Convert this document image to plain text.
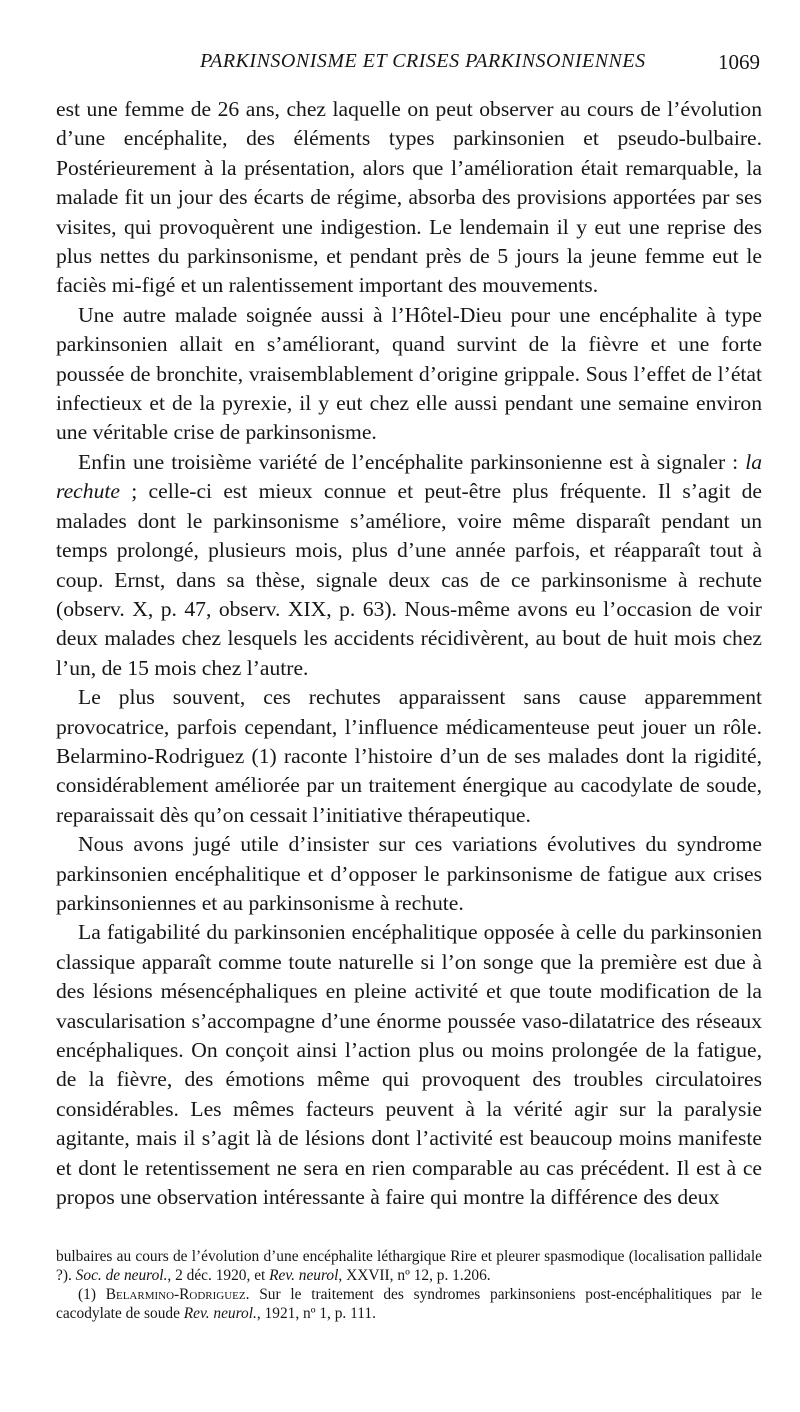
PARKINSONISME ET CRISES PARKINSONIENNES	1069

est une femme de 26 ans, chez laquelle on peut observer au cours de l’évolution d’une encéphalite, des éléments types parkinsonien et pseudo-bulbaire. Postérieurement à la présentation, alors que l’amélioration était remarquable, la malade fit un jour des écarts de régime, absorba des provisions apportées par ses visites, qui provoquèrent une indigestion. Le lendemain il y eut une reprise des plus nettes du parkinsonisme, et pendant près de 5 jours la jeune femme eut le faciès mi-figé et un ralentissement important des mouvements.

Une autre malade soignée aussi à l’Hôtel-Dieu pour une encéphalite à type parkinsonien allait en s’améliorant, quand survint de la fièvre et une forte poussée de bronchite, vraisemblablement d’origine grippale. Sous l’effet de l’état infectieux et de la pyrexie, il y eut chez elle aussi pendant une semaine environ une véritable crise de parkinsonisme.

Enfin une troisième variété de l’encéphalite parkinsonienne est à signaler : la rechute ; celle-ci est mieux connue et peut-être plus fréquente. Il s’agit de malades dont le parkinsonisme s’améliore, voire même disparaît pendant un temps prolongé, plusieurs mois, plus d’une année parfois, et réapparaît tout à coup. Ernst, dans sa thèse, signale deux cas de ce parkinsonisme à rechute (observ. X, p. 47, observ. XIX, p. 63). Nous-même avons eu l’occasion de voir deux malades chez lesquels les accidents récidivèrent, au bout de huit mois chez l’un, de 15 mois chez l’autre.

Le plus souvent, ces rechutes apparaissent sans cause apparemment provocatrice, parfois cependant, l’influence médicamenteuse peut jouer un rôle. Belarmino-Rodriguez (1) raconte l’histoire d’un de ses malades dont la rigidité, considérablement améliorée par un traitement énergique au cacodylate de soude, reparaissait dès qu’on cessait l’initiative thérapeutique.

Nous avons jugé utile d’insister sur ces variations évolutives du syndrome parkinsonien encéphalitique et d’opposer le parkinsonisme de fatigue aux crises parkinsoniennes et au parkinsonisme à rechute.

La fatigabilité du parkinsonien encéphalitique opposée à celle du parkinsonien classique apparaît comme toute naturelle si l’on songe que la première est due à des lésions mésencéphaliques en pleine activité et que toute modification de la vascularisation s’accompagne d’une énorme poussée vaso-dilatatrice des réseaux encéphaliques. On conçoit ainsi l’action plus ou moins prolongée de la fatigue, de la fièvre, des émotions même qui provoquent des troubles circulatoires considérables. Les mêmes facteurs peuvent à la vérité agir sur la paralysie agitante, mais il s’agit là de lésions dont l’activité est beaucoup moins manifeste et dont le retentissement ne sera en rien comparable au cas précédent. Il est à ce propos une observation intéressante à faire qui montre la différence des deux

bulbaires au cours de l’évolution d’une encéphalite léthargique Rire et pleurer spasmodique (localisation pallidale ?). Soc. de neurol., 2 déc. 1920, et Rev. neurol, XXVII, nº 12, p. 1.206.

(1) Belarmino-Rodriguez. Sur le traitement des syndromes parkinsoniens post-encéphalitiques par le cacodylate de soude Rev. neurol., 1921, nº 1, p. 111.
